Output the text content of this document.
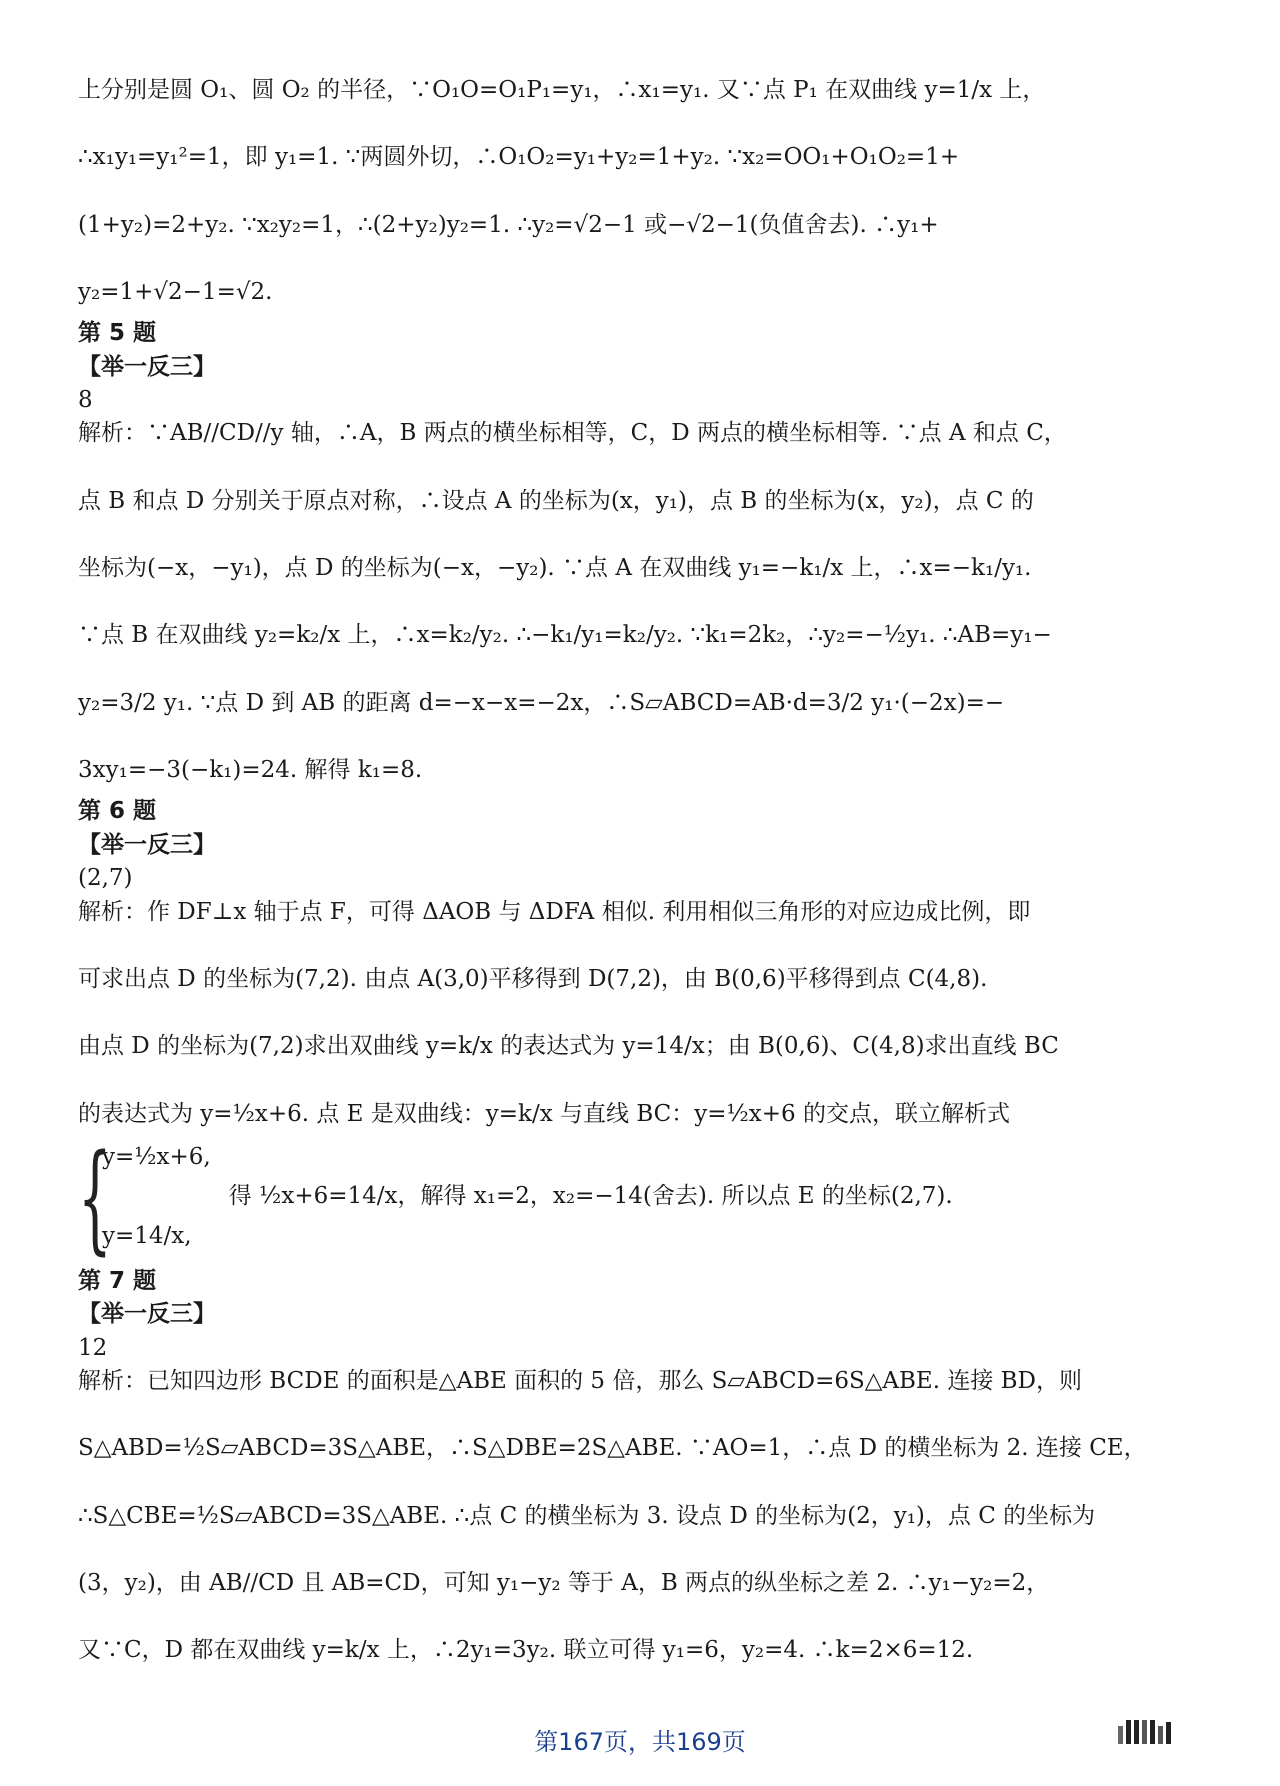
上分别是圆 O₁、圆 O₂ 的半径，∵O₁O=O₁P₁=y₁，∴x₁=y₁. 又∵点 P₁ 在双曲线 y=1/x 上，

∴x₁y₁=y₁²=1，即 y₁=1. ∵两圆外切，∴O₁O₂=y₁+y₂=1+y₂. ∵x₂=OO₁+O₁O₂=1+

(1+y₂)=2+y₂. ∵x₂y₂=1，∴(2+y₂)y₂=1. ∴y₂=√2−1 或−√2−1(负值舍去). ∴y₁+

y₂=1+√2−1=√2.

第 5 题

【举一反三】

8

解析：∵AB//CD//y 轴，∴A，B 两点的横坐标相等，C，D 两点的横坐标相等. ∵点 A 和点 C，

点 B 和点 D 分别关于原点对称，∴设点 A 的坐标为(x，y₁)，点 B 的坐标为(x，y₂)，点 C 的

坐标为(−x，−y₁)，点 D 的坐标为(−x，−y₂). ∵点 A 在双曲线 y₁=−k₁/x 上，∴x=−k₁/y₁.

∵点 B 在双曲线 y₂=k₂/x 上，∴x=k₂/y₂. ∴−k₁/y₁=k₂/y₂. ∵k₁=2k₂，∴y₂=−½y₁. ∴AB=y₁−

y₂=3/2 y₁. ∵点 D 到 AB 的距离 d=−x−x=−2x，∴S▱ABCD=AB·d=3/2 y₁·(−2x)=−

3xy₁=−3(−k₁)=24. 解得 k₁=8.

第 6 题

【举一反三】

(2,7)

解析：作 DF⊥x 轴于点 F，可得 ΔAOB 与 ΔDFA 相似. 利用相似三角形的对应边成比例，即

可求出点 D 的坐标为(7,2). 由点 A(3,0)平移得到 D(7,2)，由 B(0,6)平移得到点 C(4,8).

由点 D 的坐标为(7,2)求出双曲线 y=k/x 的表达式为 y=14/x；由 B(0,6)、C(4,8)求出直线 BC

的表达式为 y=½x+6. 点 E 是双曲线：y=k/x 与直线 BC：y=½x+6 的交点，联立解析式

{
y=½x+6,
y=14/x,
得 ½x+6=14/x，解得 x₁=2，x₂=−14(舍去). 所以点 E 的坐标(2,7).

第 7 题

【举一反三】

12

解析：已知四边形 BCDE 的面积是△ABE 面积的 5 倍，那么 S▱ABCD=6S△ABE. 连接 BD，则

S△ABD=½S▱ABCD=3S△ABE，∴S△DBE=2S△ABE. ∵AO=1，∴点 D 的横坐标为 2. 连接 CE，

∴S△CBE=½S▱ABCD=3S△ABE. ∴点 C 的横坐标为 3. 设点 D 的坐标为(2，y₁)，点 C 的坐标为

(3，y₂)，由 AB//CD 且 AB=CD，可知 y₁−y₂ 等于 A，B 两点的纵坐标之差 2. ∴y₁−y₂=2，

又∵C，D 都在双曲线 y=k/x 上，∴2y₁=3y₂. 联立可得 y₁=6，y₂=4. ∴k=2×6=12.

第167页，共169页
